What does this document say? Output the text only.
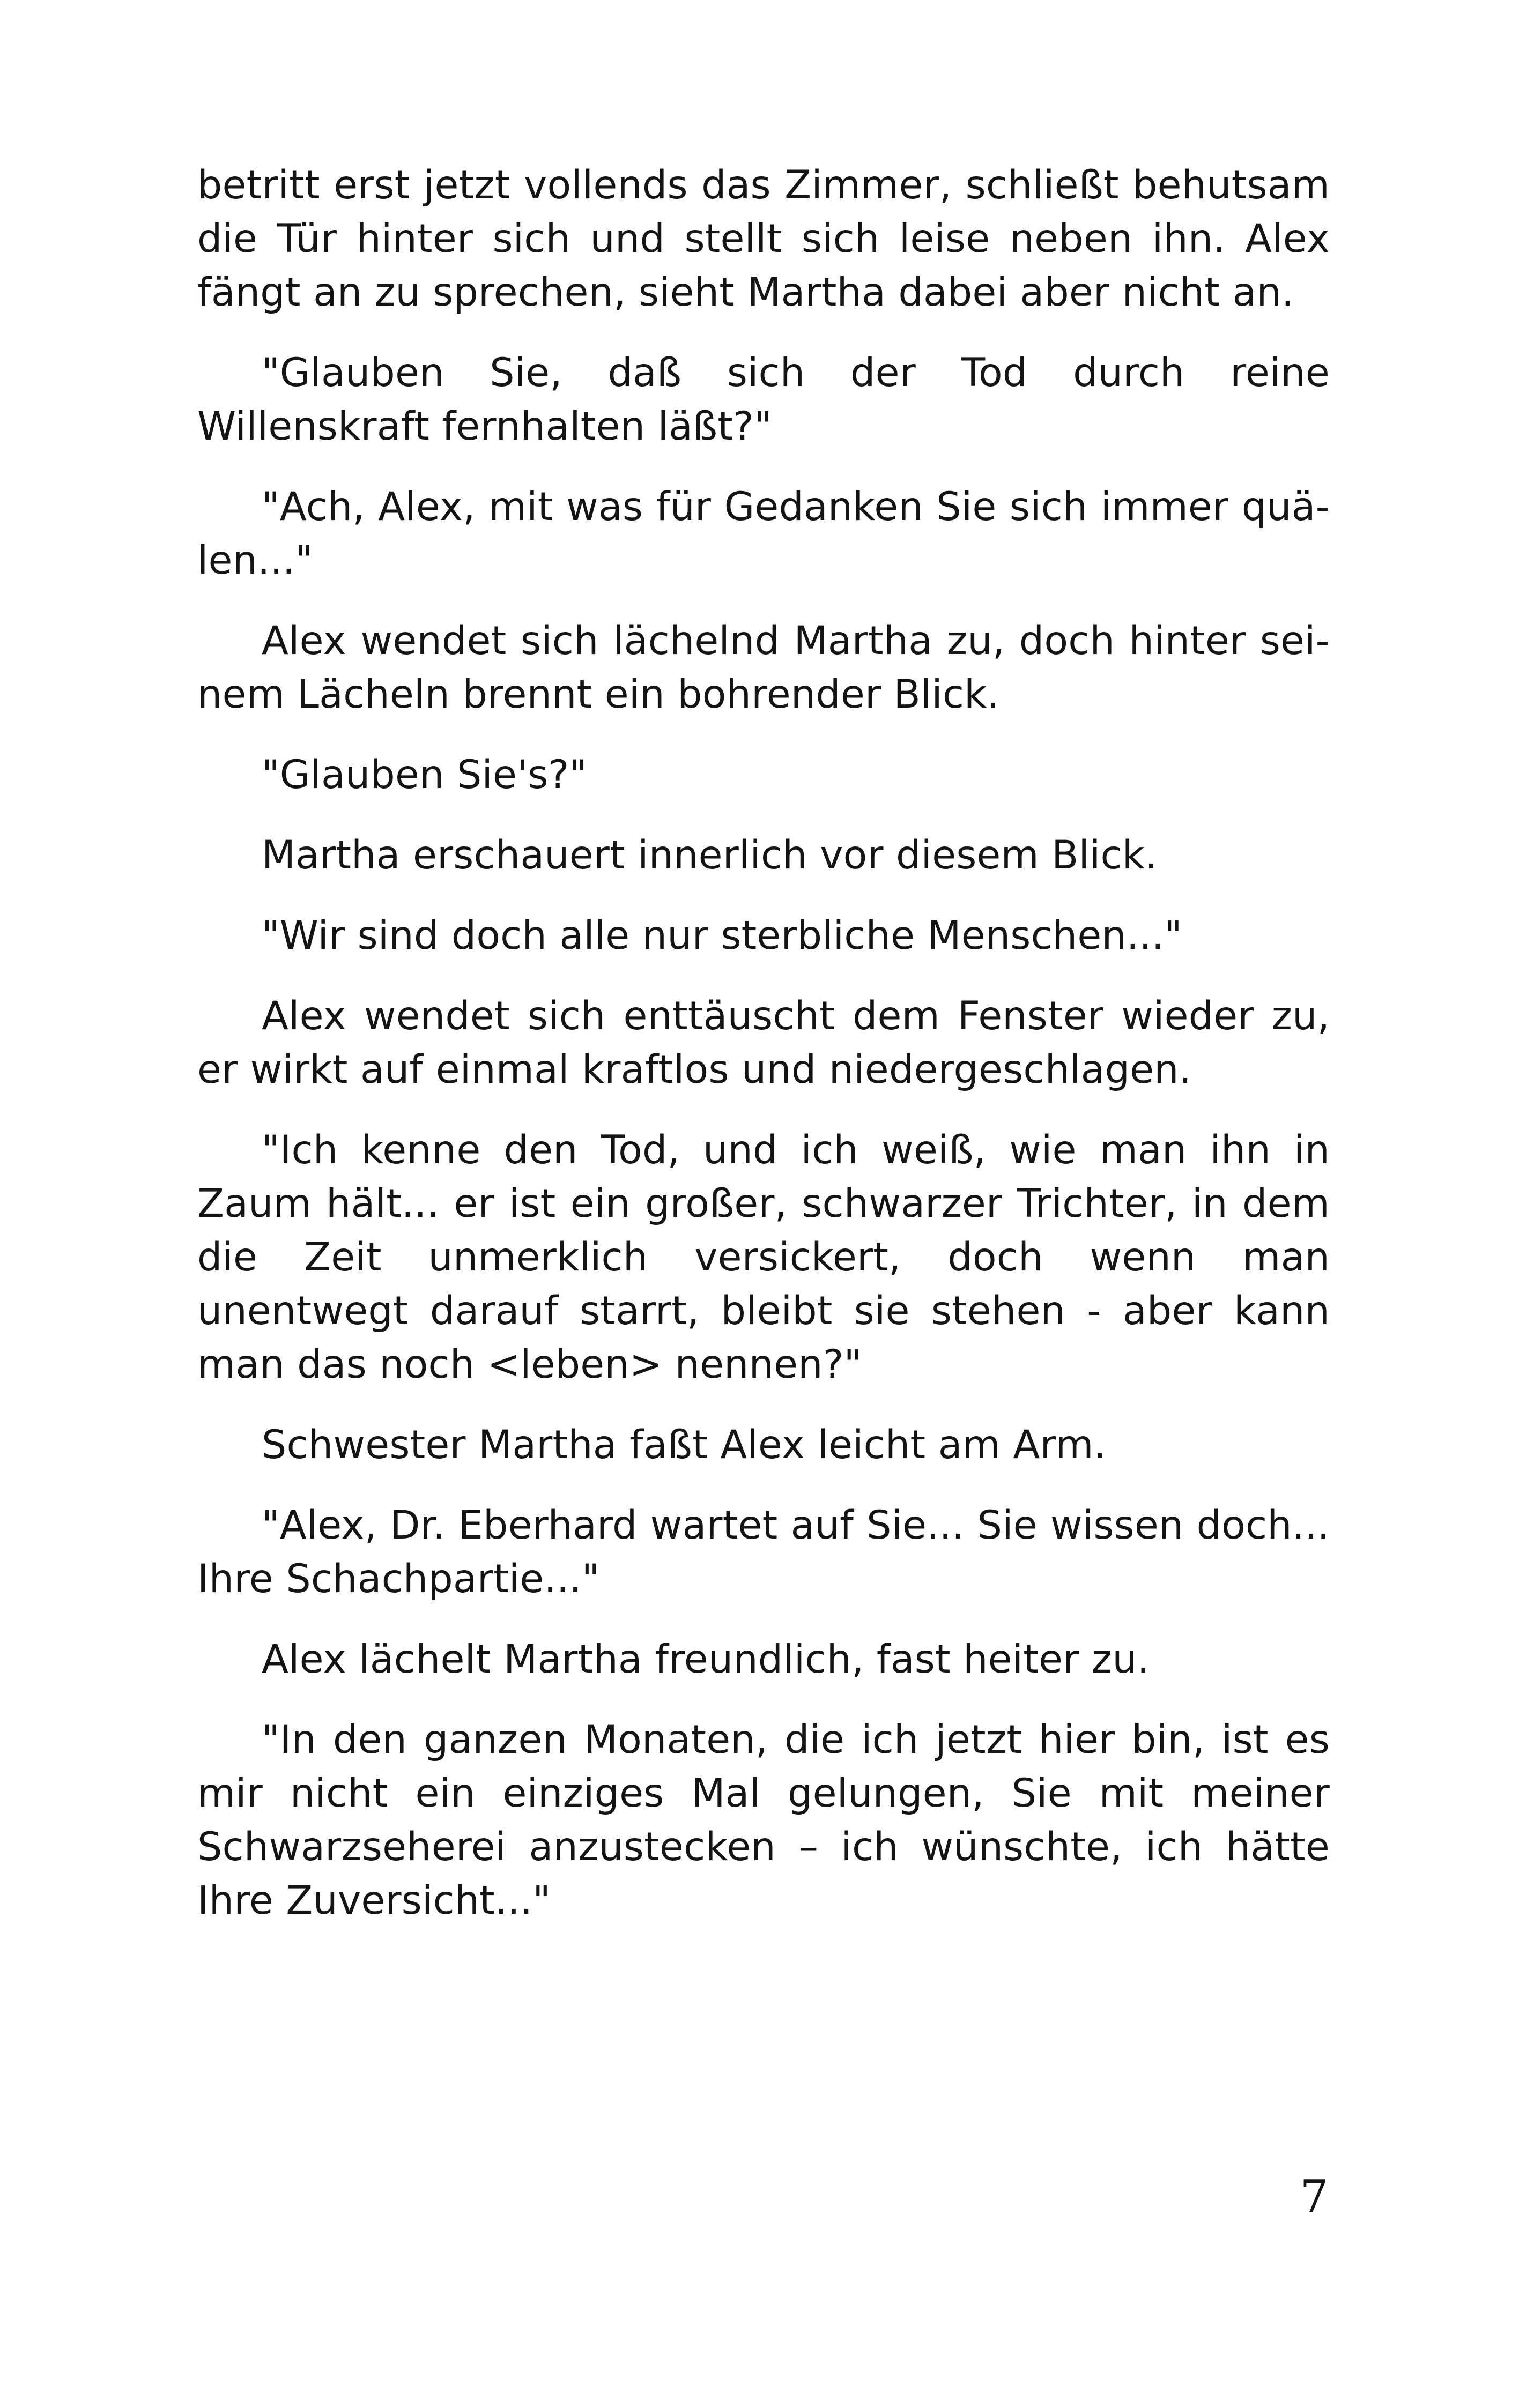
betritt erst jetzt vollends das Zimmer, schließt behutsam die Tür hinter sich und stellt sich leise neben ihn. Alex fängt an zu sprechen, sieht Martha dabei aber nicht an.

"Glauben Sie, daß sich der Tod durch reine Willenskraft fernhalten läßt?"

"Ach, Alex, mit was für Gedanken Sie sich immer quälen..."

Alex wendet sich lächelnd Martha zu, doch hinter seinem Lächeln brennt ein bohrender Blick.

"Glauben Sie's?"

Martha erschauert innerlich vor diesem Blick.

"Wir sind doch alle nur sterbliche Menschen..."

Alex wendet sich enttäuscht dem Fenster wieder zu, er wirkt auf einmal kraftlos und niedergeschlagen.

"Ich kenne den Tod, und ich weiß, wie man ihn in Zaum hält... er ist ein großer, schwarzer Trichter, in dem die Zeit unmerklich versickert, doch wenn man unentwegt darauf starrt, bleibt sie stehen - aber kann man das noch <leben> nennen?"

Schwester Martha faßt Alex leicht am Arm.

"Alex, Dr. Eberhard wartet auf Sie... Sie wissen doch... Ihre Schachpartie..."

Alex lächelt Martha freundlich, fast heiter zu.

"In den ganzen Monaten, die ich jetzt hier bin, ist es mir nicht ein einziges Mal gelungen, Sie mit meiner Schwarzseherei anzustecken – ich wünschte, ich hätte Ihre Zuversicht..."

7
